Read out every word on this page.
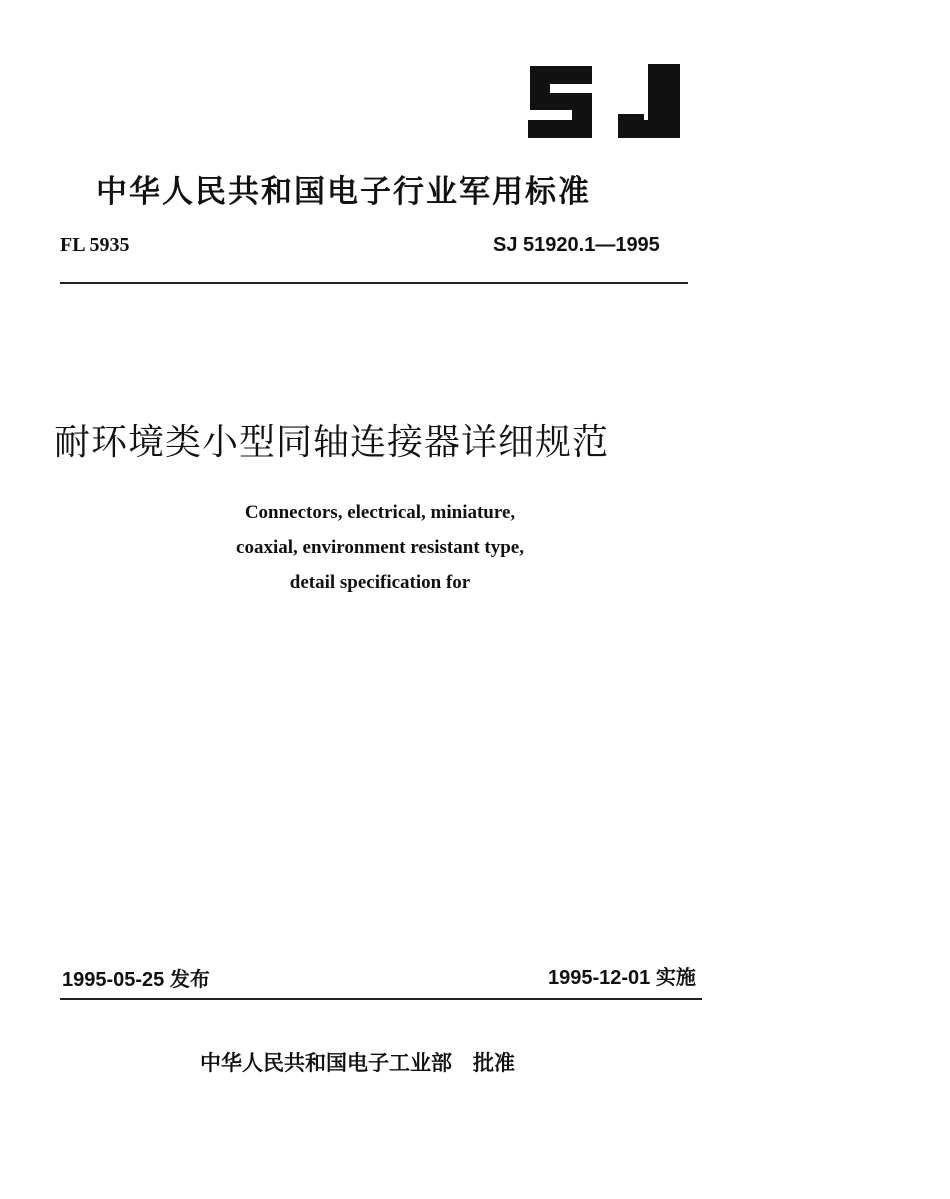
中华人民共和国电子行业军用标准
FL 5935	SJ 51920.1—1995
耐环境类小型同轴连接器详细规范
Connectors, electrical, miniature,
coaxial, environment resistant type,
detail specification for
1995-05-25 发布	1995-12-01 实施
中华人民共和国电子工业部　批准
